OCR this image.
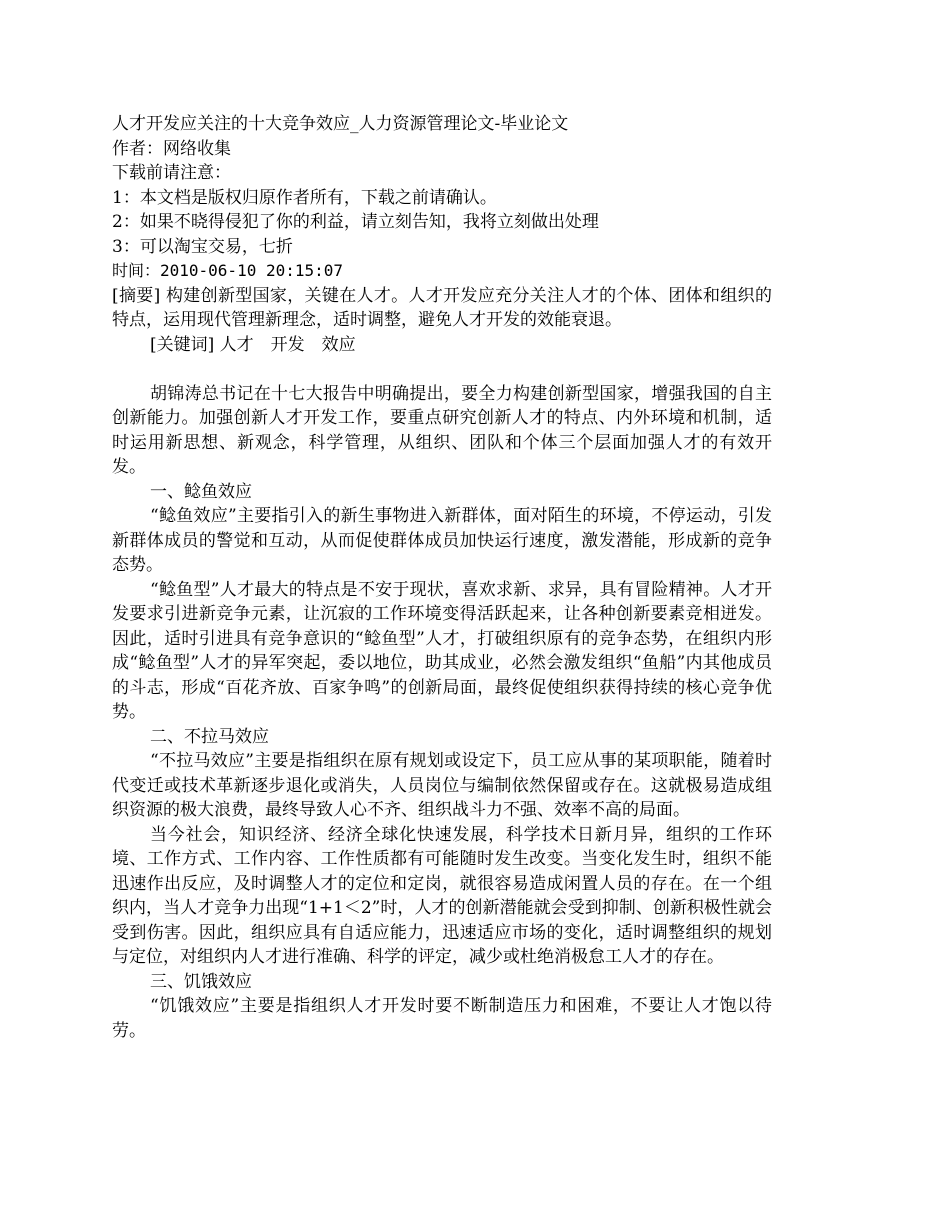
人才开发应关注的十大竞争效应_人力资源管理论文-毕业论文
作者：网络收集
下载前请注意：
1：本文档是版权归原作者所有，下载之前请确认。
2：如果不晓得侵犯了你的利益，请立刻告知，我将立刻做出处理
3：可以淘宝交易，七折
时间：2010-06-10 20:15:07

[摘要] 构建创新型国家，关键在人才。人才开发应充分关注人才的个体、团体和组织的特点，运用现代管理新理念，适时调整，避免人才开发的效能衰退。

[关键词] 人才　开发　效应

胡锦涛总书记在十七大报告中明确提出，要全力构建创新型国家，增强我国的自主创新能力。加强创新人才开发工作，要重点研究创新人才的特点、内外环境和机制，适时运用新思想、新观念，科学管理，从组织、团队和个体三个层面加强人才的有效开发。

一、鲶鱼效应

“鲶鱼效应”主要指引入的新生事物进入新群体，面对陌生的环境，不停运动，引发新群体成员的警觉和互动，从而促使群体成员加快运行速度，激发潜能，形成新的竞争态势。

“鲶鱼型”人才最大的特点是不安于现状，喜欢求新、求异，具有冒险精神。人才开发要求引进新竞争元素，让沉寂的工作环境变得活跃起来，让各种创新要素竞相迸发。因此，适时引进具有竞争意识的“鲶鱼型”人才，打破组织原有的竞争态势，在组织内形成“鲶鱼型”人才的异军突起，委以地位，助其成业，必然会激发组织“鱼船”内其他成员的斗志，形成“百花齐放、百家争鸣”的创新局面，最终促使组织获得持续的核心竞争优势。

二、不拉马效应

“不拉马效应”主要是指组织在原有规划或设定下，员工应从事的某项职能，随着时代变迁或技术革新逐步退化或消失，人员岗位与编制依然保留或存在。这就极易造成组织资源的极大浪费，最终导致人心不齐、组织战斗力不强、效率不高的局面。

当今社会，知识经济、经济全球化快速发展，科学技术日新月异，组织的工作环境、工作方式、工作内容、工作性质都有可能随时发生改变。当变化发生时，组织不能迅速作出反应，及时调整人才的定位和定岗，就很容易造成闲置人员的存在。在一个组织内，当人才竞争力出现“1+1＜2”时，人才的创新潜能就会受到抑制、创新积极性就会受到伤害。因此，组织应具有自适应能力，迅速适应市场的变化，适时调整组织的规划与定位，对组织内人才进行准确、科学的评定，减少或杜绝消极怠工人才的存在。

三、饥饿效应

“饥饿效应”主要是指组织人才开发时要不断制造压力和困难，不要让人才饱以待劳。
